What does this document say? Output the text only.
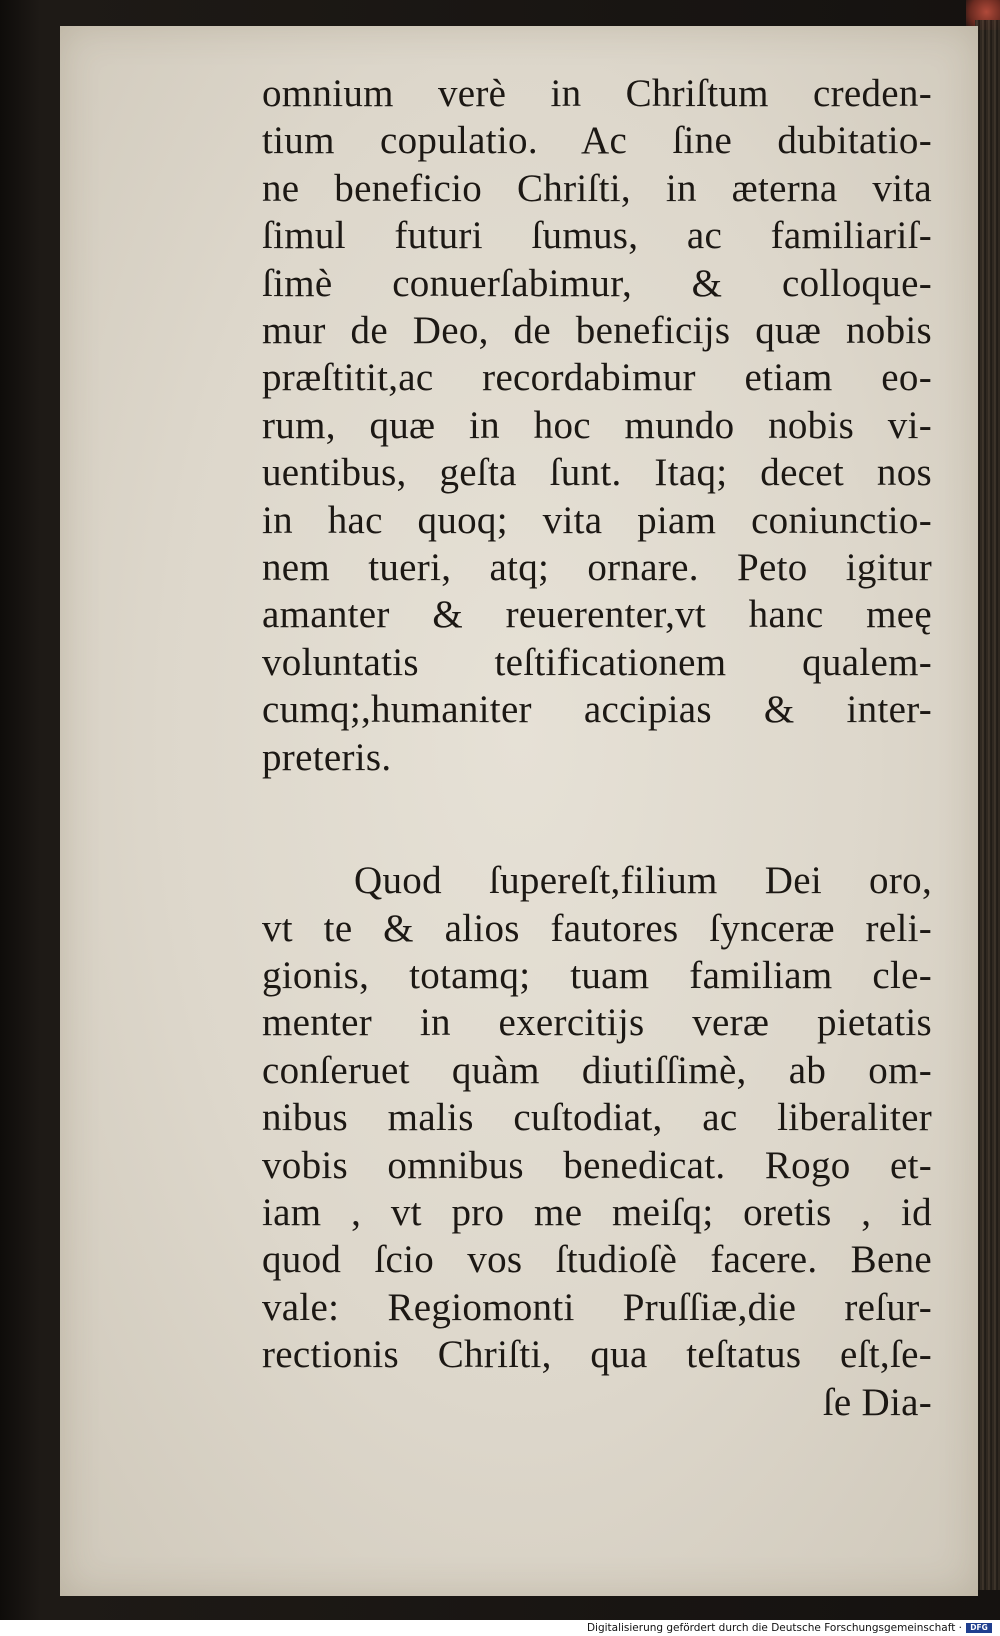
omnium verè in Chriſtum creden-
tium copulatio. Ac ſine dubitatio-
ne beneficio Chriſti, in æterna vita
ſimul futuri ſumus, ac familiariſ-
ſimè conuerſabimur, & colloque-
mur de Deo, de beneficijs quæ nobis
præſtitit,ac recordabimur etiam eo-
rum, quæ in hoc mundo nobis vi-
uentibus, geſta ſunt. Itaq; decet nos
in hac quoq; vita piam coniunctio-
nem tueri, atq; ornare. Peto igitur
amanter & reuerenter,vt hanc meę
voluntatis teſtificationem qualem-
cumq;,humaniter accipias & inter-
preteris.
Quod ſupereſt,filium Dei oro,
vt te & alios fautores ſynceræ reli-
gionis, totamq; tuam familiam cle-
menter in exercitijs veræ pietatis
conſeruet quàm diutiſſimè, ab om-
nibus malis cuſtodiat, ac liberaliter
vobis omnibus benedicat. Rogo et-
iam , vt pro me meiſq; oretis , id
quod ſcio vos ſtudioſè facere. Bene
vale: Regiomonti Pruſſiæ,die reſur-
rectionis Chriſti, qua teſtatus eſt,ſe-
ſe Dia-
Digitalisierung gefördert durch die Deutsche Forschungsgemeinschaft ·	DFG
